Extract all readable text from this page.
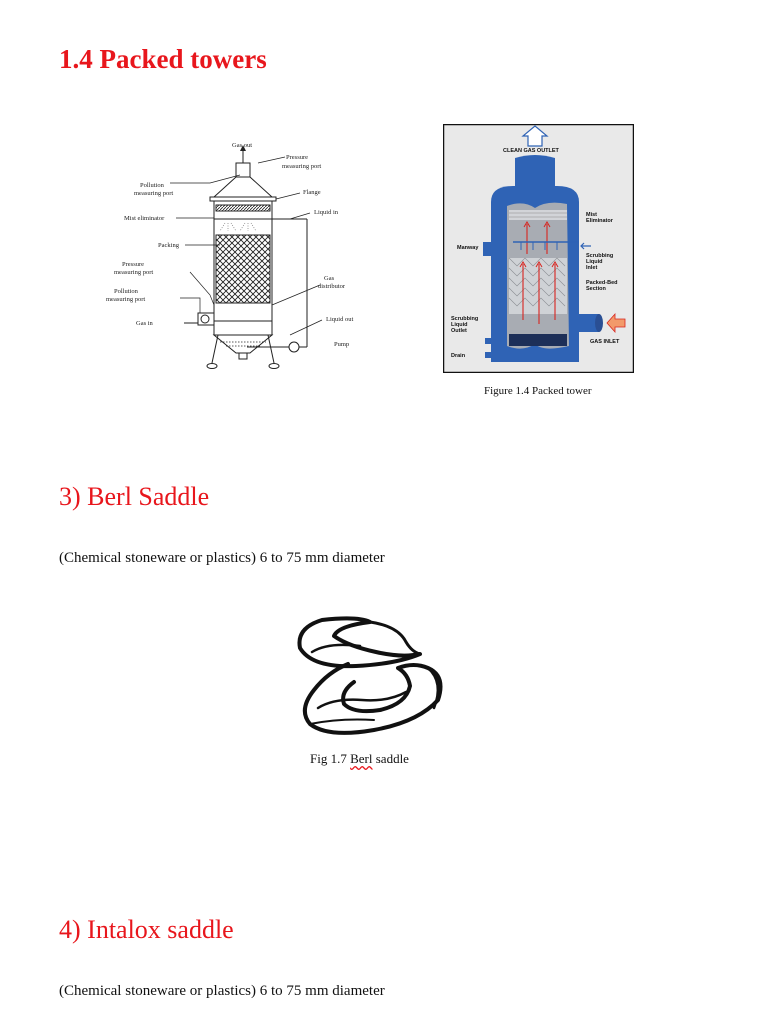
1.4 Packed towers
Gas out
Pressure
measuring port
Pollution
measuring port	Flange
Mist eliminator
Liquid in
Packing
Pressure
measuring port
Gas
distributor
Pollution
measuring port
Gas in
Liquid out
Pump
CLEAN GAS OUTLET
Mist
Eliminator
Manway
Scrubbing
Liquid
Inlet
Packed-Bed
Section
Scrubbing
Liquid
Outlet
GAS INLET
Drain

Figure 1.4 Packed tower

3) Berl Saddle

(Chemical stoneware or plastics) 6 to 75 mm diameter

Fig 1.7 Berl saddle

4) Intalox saddle

(Chemical stoneware or plastics) 6 to 75 mm diameter
